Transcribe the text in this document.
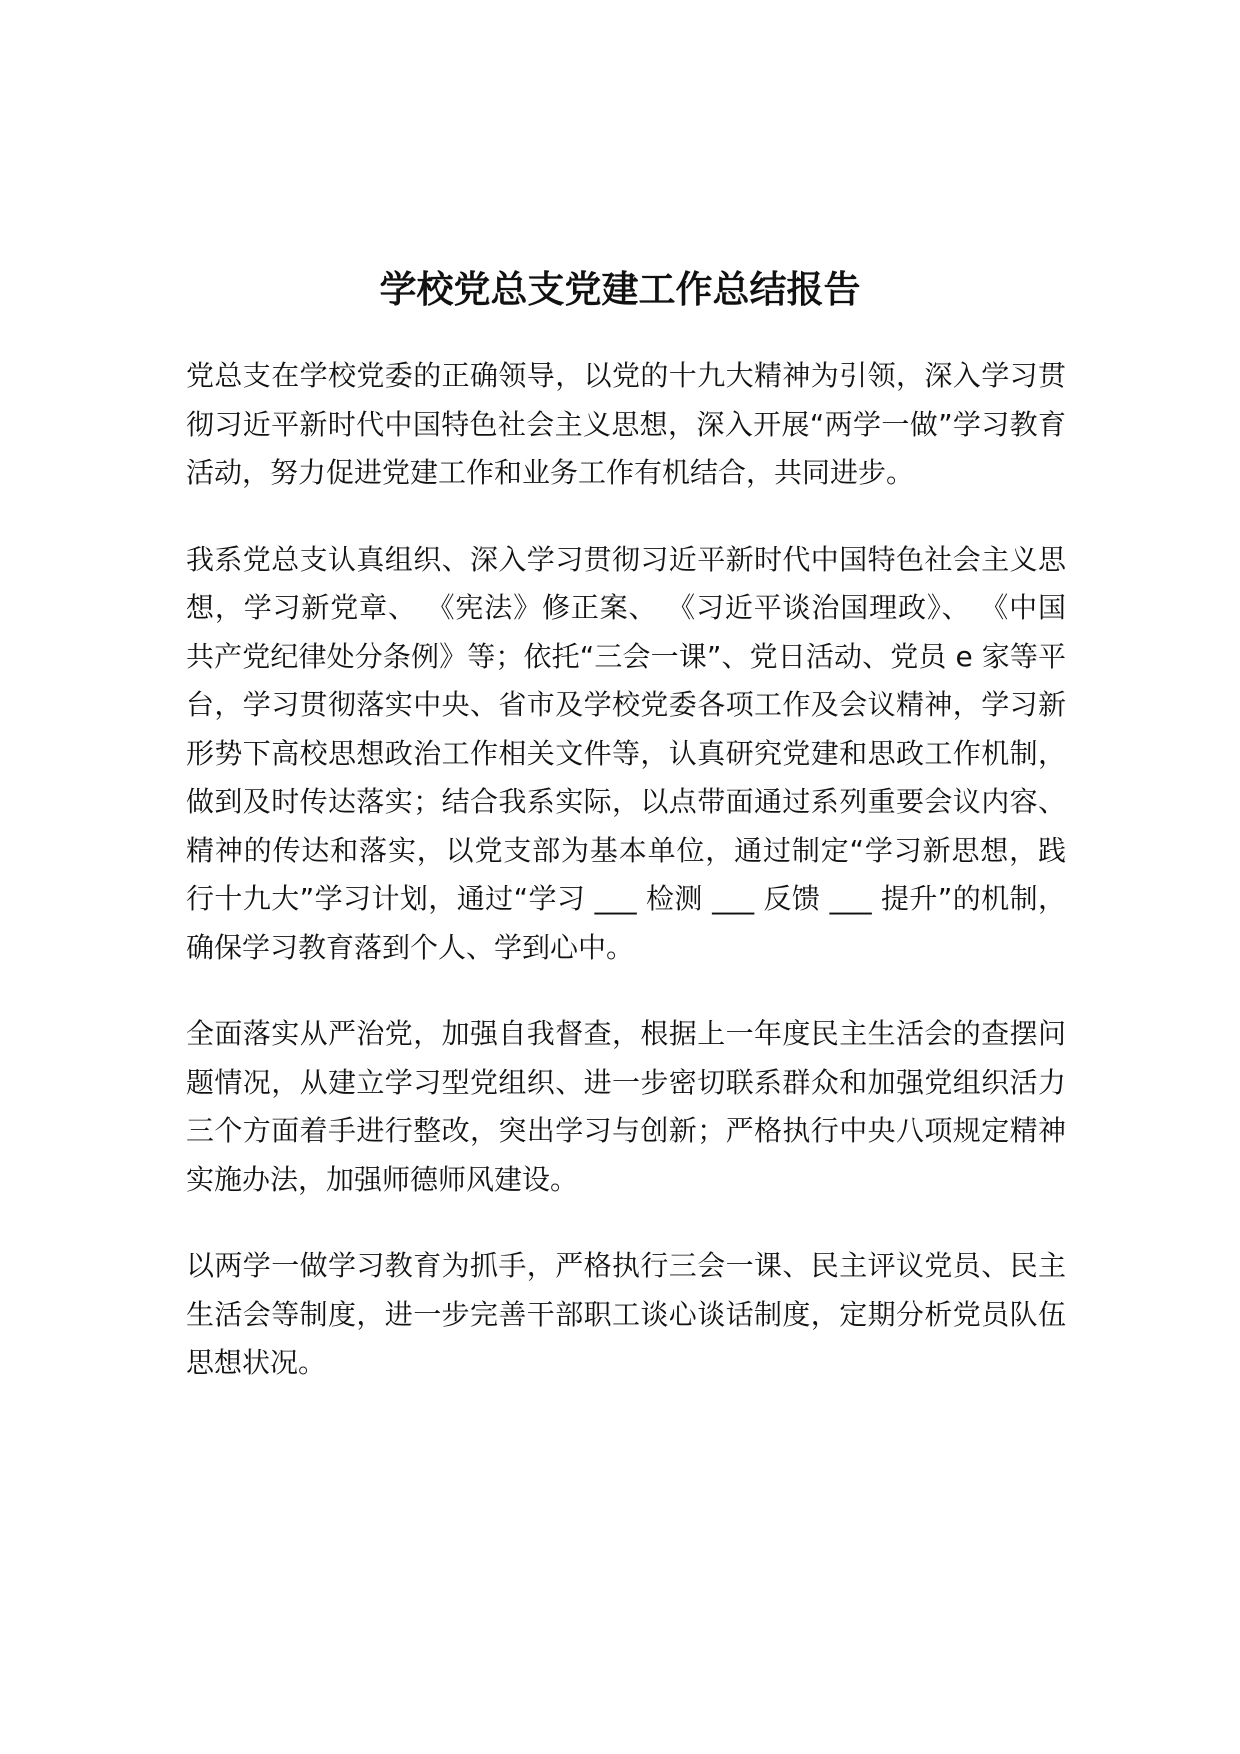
学校党总支党建工作总结报告

党总支在学校党委的正确领导，以党的十九大精神为引领，深入学习贯彻习近平新时代中国特色社会主义思想，深入开展“两学一做”学习教育活动，努力促进党建工作和业务工作有机结合，共同进步。

我系党总支认真组织、深入学习贯彻习近平新时代中国特色社会主义思想，学习新党章、 《宪法》修正案、 《习近平谈治国理政》、 《中国共产党纪律处分条例》等；依托“三会一课”、党日活动、党员 e 家等平台，学习贯彻落实中央、省市及学校党委各项工作及会议精神，学习新形势下高校思想政治工作相关文件等，认真研究党建和思政工作机制，做到及时传达落实；结合我系实际，以点带面通过系列重要会议内容、精神的传达和落实，以党支部为基本单位，通过制定“学习新思想，践行十九大”学习计划，通过“学习 ___ 检测 ___ 反馈 ___ 提升”的机制，确保学习教育落到个人、学到心中。

全面落实从严治党，加强自我督查，根据上一年度民主生活会的查摆问题情况，从建立学习型党组织、进一步密切联系群众和加强党组织活力三个方面着手进行整改，突出学习与创新；严格执行中央八项规定精神实施办法，加强师德师风建设。

以两学一做学习教育为抓手，严格执行三会一课、民主评议党员、民主生活会等制度，进一步完善干部职工谈心谈话制度，定期分析党员队伍思想状况。
